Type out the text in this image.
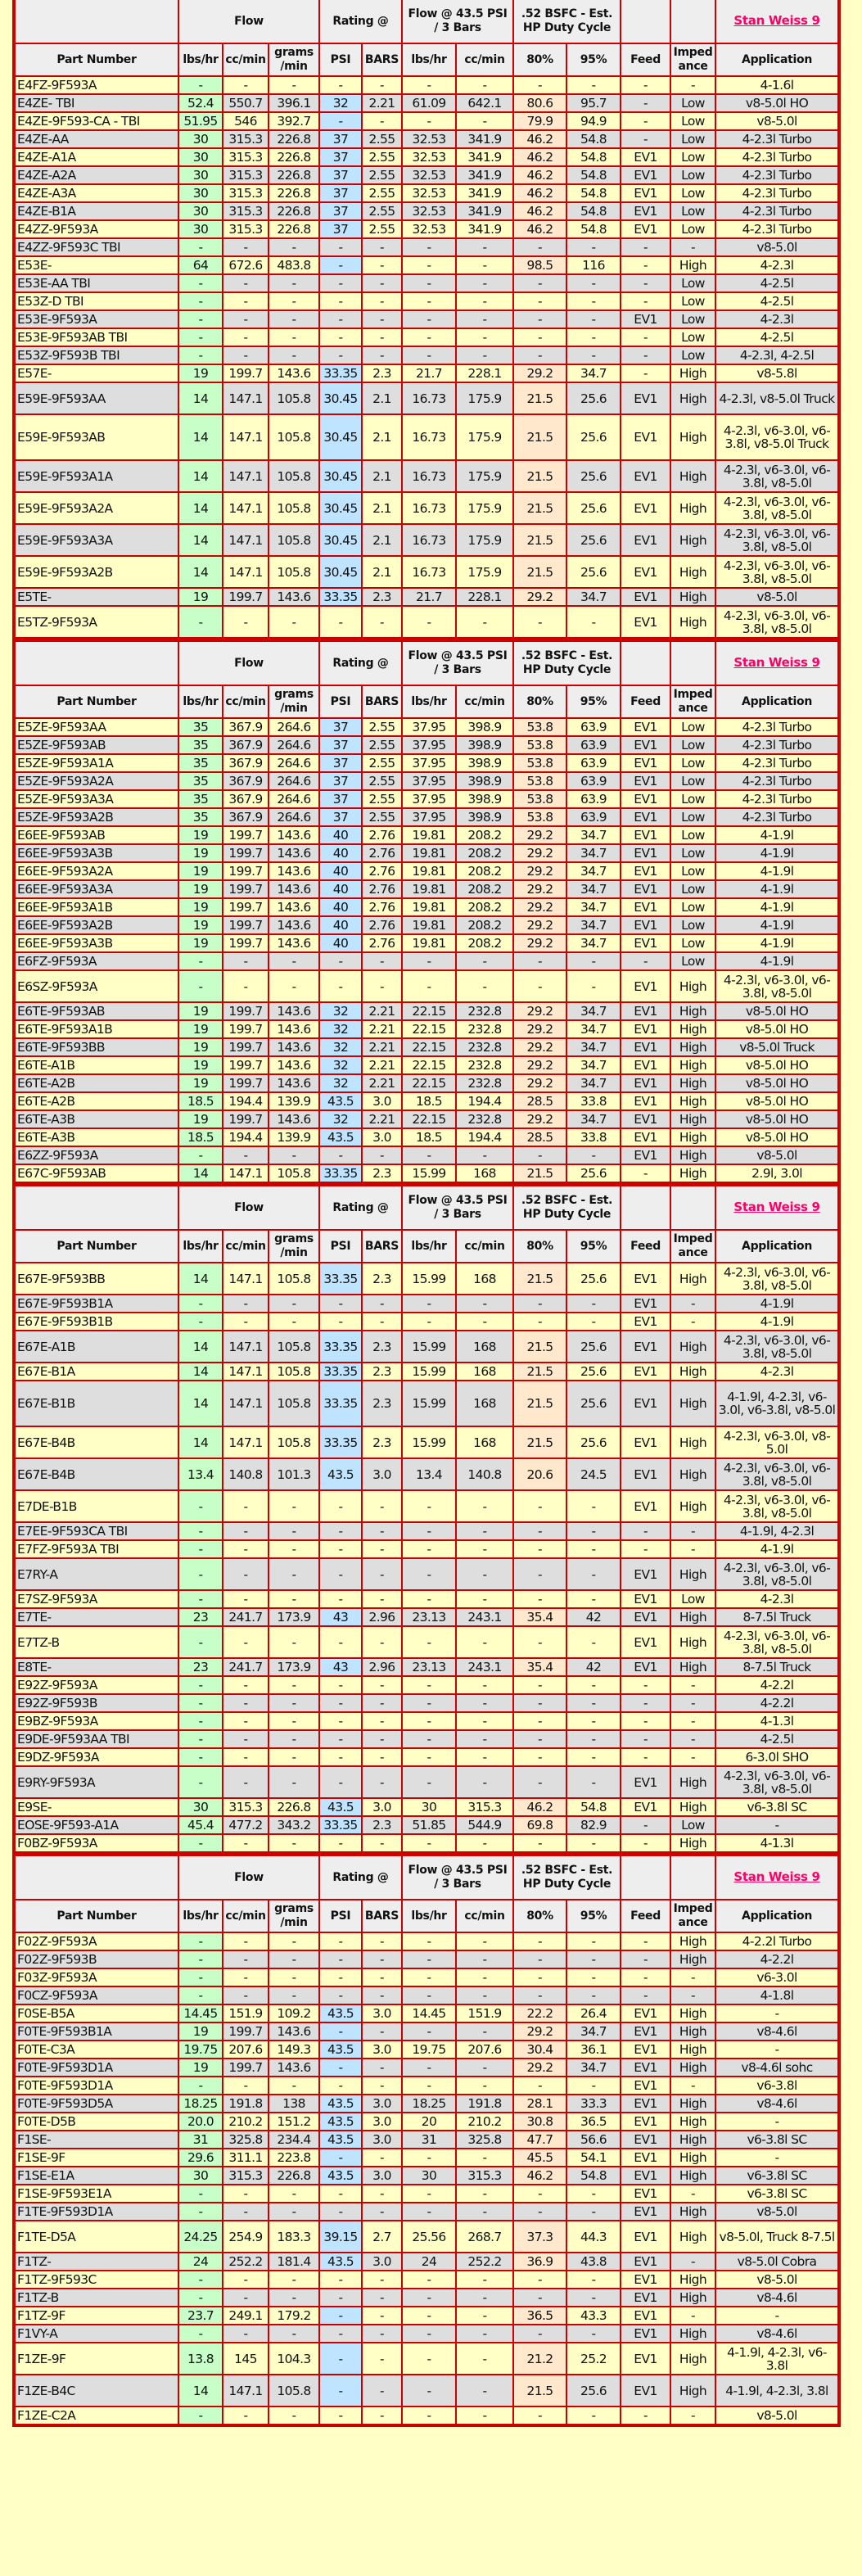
	Flow			Rating @		Flow @ 43.5 PSI / 3 Bars		.52 BSFC - Est. HP Duty Cycle				Stan Weiss 9
Part Number	lbs/hr	cc/min	grams /min	PSI	BARS	lbs/hr	cc/min	80%	95%	Feed	Imped ance	Application
E4FZ-9F593A	-	-	-	-	-	-	-	-	-	-	-	4-1.6l
E4ZE- TBI	52.4	550.7	396.1	32	2.21	61.09	642.1	80.6	95.7	-	Low	v8-5.0l HO
E4ZE-9F593-CA - TBI	51.95	546	392.7	-	-	-	-	79.9	94.9	-	Low	v8-5.0l
E4ZE-AA	30	315.3	226.8	37	2.55	32.53	341.9	46.2	54.8	-	Low	4-2.3l Turbo
E4ZE-A1A	30	315.3	226.8	37	2.55	32.53	341.9	46.2	54.8	EV1	Low	4-2.3l Turbo
E4ZE-A2A	30	315.3	226.8	37	2.55	32.53	341.9	46.2	54.8	EV1	Low	4-2.3l Turbo
E4ZE-A3A	30	315.3	226.8	37	2.55	32.53	341.9	46.2	54.8	EV1	Low	4-2.3l Turbo
E4ZE-B1A	30	315.3	226.8	37	2.55	32.53	341.9	46.2	54.8	EV1	Low	4-2.3l Turbo
E4ZZ-9F593A	30	315.3	226.8	37	2.55	32.53	341.9	46.2	54.8	EV1	Low	4-2.3l Turbo
E4ZZ-9F593C TBI	-	-	-	-	-	-	-	-	-	-	-	v8-5.0l
E53E-	64	672.6	483.8	-	-	-	-	98.5	116	-	High	4-2.3l
E53E-AA TBI	-	-	-	-	-	-	-	-	-	-	Low	4-2.5l
E53Z-D TBI	-	-	-	-	-	-	-	-	-	-	Low	4-2.5l
E53E-9F593A	-	-	-	-	-	-	-	-	-	EV1	Low	4-2.3l
E53E-9F593AB TBI	-	-	-	-	-	-	-	-	-	-	Low	4-2.5l
E53Z-9F593B TBI	-	-	-	-	-	-	-	-	-	-	Low	4-2.3l, 4-2.5l
E57E-	19	199.7	143.6	33.35	2.3	21.7	228.1	29.2	34.7	-	High	v8-5.8l
E59E-9F593AA	14	147.1	105.8	30.45	2.1	16.73	175.9	21.5	25.6	EV1	High	4-2.3l, v8-5.0l Truck
E59E-9F593AB	14	147.1	105.8	30.45	2.1	16.73	175.9	21.5	25.6	EV1	High	4-2.3l, v6-3.0l, v6-3.8l, v8-5.0l Truck
E59E-9F593A1A	14	147.1	105.8	30.45	2.1	16.73	175.9	21.5	25.6	EV1	High	4-2.3l, v6-3.0l, v6-3.8l, v8-5.0l
E59E-9F593A2A	14	147.1	105.8	30.45	2.1	16.73	175.9	21.5	25.6	EV1	High	4-2.3l, v6-3.0l, v6-3.8l, v8-5.0l
E59E-9F593A3A	14	147.1	105.8	30.45	2.1	16.73	175.9	21.5	25.6	EV1	High	4-2.3l, v6-3.0l, v6-3.8l, v8-5.0l
E59E-9F593A2B	14	147.1	105.8	30.45	2.1	16.73	175.9	21.5	25.6	EV1	High	4-2.3l, v6-3.0l, v6-3.8l, v8-5.0l
E5TE-	19	199.7	143.6	33.35	2.3	21.7	228.1	29.2	34.7	EV1	High	v8-5.0l
E5TZ-9F593A	-	-	-	-	-	-	-	-	-	EV1	High	4-2.3l, v6-3.0l, v6-3.8l, v8-5.0l
	Flow			Rating @		Flow @ 43.5 PSI / 3 Bars		.52 BSFC - Est. HP Duty Cycle				Stan Weiss 9
Part Number	lbs/hr	cc/min	grams /min	PSI	BARS	lbs/hr	cc/min	80%	95%	Feed	Imped ance	Application
E5ZE-9F593AA	35	367.9	264.6	37	2.55	37.95	398.9	53.8	63.9	EV1	Low	4-2.3l Turbo
E5ZE-9F593AB	35	367.9	264.6	37	2.55	37.95	398.9	53.8	63.9	EV1	Low	4-2.3l Turbo
E5ZE-9F593A1A	35	367.9	264.6	37	2.55	37.95	398.9	53.8	63.9	EV1	Low	4-2.3l Turbo
E5ZE-9F593A2A	35	367.9	264.6	37	2.55	37.95	398.9	53.8	63.9	EV1	Low	4-2.3l Turbo
E5ZE-9F593A3A	35	367.9	264.6	37	2.55	37.95	398.9	53.8	63.9	EV1	Low	4-2.3l Turbo
E5ZE-9F593A2B	35	367.9	264.6	37	2.55	37.95	398.9	53.8	63.9	EV1	Low	4-2.3l Turbo
E6EE-9F593AB	19	199.7	143.6	40	2.76	19.81	208.2	29.2	34.7	EV1	Low	4-1.9l
E6EE-9F593A3B	19	199.7	143.6	40	2.76	19.81	208.2	29.2	34.7	EV1	Low	4-1.9l
E6EE-9F593A2A	19	199.7	143.6	40	2.76	19.81	208.2	29.2	34.7	EV1	Low	4-1.9l
E6EE-9F593A3A	19	199.7	143.6	40	2.76	19.81	208.2	29.2	34.7	EV1	Low	4-1.9l
E6EE-9F593A1B	19	199.7	143.6	40	2.76	19.81	208.2	29.2	34.7	EV1	Low	4-1.9l
E6EE-9F593A2B	19	199.7	143.6	40	2.76	19.81	208.2	29.2	34.7	EV1	Low	4-1.9l
E6EE-9F593A3B	19	199.7	143.6	40	2.76	19.81	208.2	29.2	34.7	EV1	Low	4-1.9l
E6FZ-9F593A	-	-	-	-	-	-	-	-	-	-	Low	4-1.9l
E6SZ-9F593A	-	-	-	-	-	-	-	-	-	EV1	High	4-2.3l, v6-3.0l, v6-3.8l, v8-5.0l
E6TE-9F593AB	19	199.7	143.6	32	2.21	22.15	232.8	29.2	34.7	EV1	High	v8-5.0l HO
E6TE-9F593A1B	19	199.7	143.6	32	2.21	22.15	232.8	29.2	34.7	EV1	High	v8-5.0l HO
E6TE-9F593BB	19	199.7	143.6	32	2.21	22.15	232.8	29.2	34.7	EV1	High	v8-5.0l Truck
E6TE-A1B	19	199.7	143.6	32	2.21	22.15	232.8	29.2	34.7	EV1	High	v8-5.0l HO
E6TE-A2B	19	199.7	143.6	32	2.21	22.15	232.8	29.2	34.7	EV1	High	v8-5.0l HO
E6TE-A2B	18.5	194.4	139.9	43.5	3.0	18.5	194.4	28.5	33.8	EV1	High	v8-5.0l HO
E6TE-A3B	19	199.7	143.6	32	2.21	22.15	232.8	29.2	34.7	EV1	High	v8-5.0l HO
E6TE-A3B	18.5	194.4	139.9	43.5	3.0	18.5	194.4	28.5	33.8	EV1	High	v8-5.0l HO
E6ZZ-9F593A	-	-	-	-	-	-	-	-	-	EV1	High	v8-5.0l
E67C-9F593AB	14	147.1	105.8	33.35	2.3	15.99	168	21.5	25.6	-	High	2.9l, 3.0l
	Flow			Rating @		Flow @ 43.5 PSI / 3 Bars		.52 BSFC - Est. HP Duty Cycle				Stan Weiss 9
Part Number	lbs/hr	cc/min	grams /min	PSI	BARS	lbs/hr	cc/min	80%	95%	Feed	Imped ance	Application
E67E-9F593BB	14	147.1	105.8	33.35	2.3	15.99	168	21.5	25.6	EV1	High	4-2.3l, v6-3.0l, v6-3.8l, v8-5.0l
E67E-9F593B1A	-	-	-	-	-	-	-	-	-	EV1	-	4-1.9l
E67E-9F593B1B	-	-	-	-	-	-	-	-	-	EV1	-	4-1.9l
E67E-A1B	14	147.1	105.8	33.35	2.3	15.99	168	21.5	25.6	EV1	High	4-2.3l, v6-3.0l, v6-3.8l, v8-5.0l
E67E-B1A	14	147.1	105.8	33.35	2.3	15.99	168	21.5	25.6	EV1	High	4-2.3l
E67E-B1B	14	147.1	105.8	33.35	2.3	15.99	168	21.5	25.6	EV1	High	4-1.9l, 4-2.3l, v6-3.0l, v6-3.8l, v8-5.0l
E67E-B4B	14	147.1	105.8	33.35	2.3	15.99	168	21.5	25.6	EV1	High	4-2.3l, v6-3.0l, v8-5.0l
E67E-B4B	13.4	140.8	101.3	43.5	3.0	13.4	140.8	20.6	24.5	EV1	High	4-2.3l, v6-3.0l, v6-3.8l, v8-5.0l
E7DE-B1B	-	-	-	-	-	-	-	-	-	EV1	High	4-2.3l, v6-3.0l, v6-3.8l, v8-5.0l
E7EE-9F593CA TBI	-	-	-	-	-	-	-	-	-	-	-	4-1.9l, 4-2.3l
E7FZ-9F593A TBI	-	-	-	-	-	-	-	-	-	-	-	4-1.9l
E7RY-A	-	-	-	-	-	-	-	-	-	EV1	High	4-2.3l, v6-3.0l, v6-3.8l, v8-5.0l
E7SZ-9F593A	-	-	-	-	-	-	-	-	-	EV1	Low	4-2.3l
E7TE-	23	241.7	173.9	43	2.96	23.13	243.1	35.4	42	EV1	High	8-7.5l Truck
E7TZ-B	-	-	-	-	-	-	-	-	-	EV1	High	4-2.3l, v6-3.0l, v6-3.8l, v8-5.0l
E8TE-	23	241.7	173.9	43	2.96	23.13	243.1	35.4	42	EV1	High	8-7.5l Truck
E92Z-9F593A	-	-	-	-	-	-	-	-	-	-	-	4-2.2l
E92Z-9F593B	-	-	-	-	-	-	-	-	-	-	-	4-2.2l
E9BZ-9F593A	-	-	-	-	-	-	-	-	-	-	-	4-1.3l
E9DE-9F593AA TBI	-	-	-	-	-	-	-	-	-	-	-	4-2.5l
E9DZ-9F593A	-	-	-	-	-	-	-	-	-	-	-	6-3.0l SHO
E9RY-9F593A	-	-	-	-	-	-	-	-	-	EV1	High	4-2.3l, v6-3.0l, v6-3.8l, v8-5.0l
E9SE-	30	315.3	226.8	43.5	3.0	30	315.3	46.2	54.8	EV1	High	v6-3.8l SC
EOSE-9F593-A1A	45.4	477.2	343.2	33.35	2.3	51.85	544.9	69.8	82.9	-	Low	-
F0BZ-9F593A	-	-	-	-	-	-	-	-	-	-	High	4-1.3l
	Flow			Rating @		Flow @ 43.5 PSI / 3 Bars		.52 BSFC - Est. HP Duty Cycle				Stan Weiss 9
Part Number	lbs/hr	cc/min	grams /min	PSI	BARS	lbs/hr	cc/min	80%	95%	Feed	Imped ance	Application
F02Z-9F593A	-	-	-	-	-	-	-	-	-	-	High	4-2.2l Turbo
F02Z-9F593B	-	-	-	-	-	-	-	-	-	-	High	4-2.2l
F03Z-9F593A	-	-	-	-	-	-	-	-	-	-	-	v6-3.0l
F0CZ-9F593A	-	-	-	-	-	-	-	-	-	-	-	4-1.8l
F0SE-B5A	14.45	151.9	109.2	43.5	3.0	14.45	151.9	22.2	26.4	EV1	High	-
F0TE-9F593B1A	19	199.7	143.6	-	-	-	-	29.2	34.7	EV1	High	v8-4.6l
F0TE-C3A	19.75	207.6	149.3	43.5	3.0	19.75	207.6	30.4	36.1	EV1	High	-
F0TE-9F593D1A	19	199.7	143.6	-	-	-	-	29.2	34.7	EV1	High	v8-4.6l sohc
F0TE-9F593D1A	-	-	-	-	-	-	-	-	-	EV1	-	v6-3.8l
F0TE-9F593D5A	18.25	191.8	138	43.5	3.0	18.25	191.8	28.1	33.3	EV1	High	v8-4.6l
F0TE-D5B	20.0	210.2	151.2	43.5	3.0	20	210.2	30.8	36.5	EV1	High	-
F1SE-	31	325.8	234.4	43.5	3.0	31	325.8	47.7	56.6	EV1	High	v6-3.8l SC
F1SE-9F	29.6	311.1	223.8	-	-	-	-	45.5	54.1	EV1	High	-
F1SE-E1A	30	315.3	226.8	43.5	3.0	30	315.3	46.2	54.8	EV1	High	v6-3.8l SC
F1SE-9F593E1A	-	-	-	-	-	-	-	-	-	EV1	-	v6-3.8l SC
F1TE-9F593D1A	-	-	-	-	-	-	-	-	-	EV1	High	v8-5.0l
F1TE-D5A	24.25	254.9	183.3	39.15	2.7	25.56	268.7	37.3	44.3	EV1	High	v8-5.0l, Truck 8-7.5l
F1TZ-	24	252.2	181.4	43.5	3.0	24	252.2	36.9	43.8	EV1	-	v8-5.0l Cobra
F1TZ-9F593C	-	-	-	-	-	-	-	-	-	EV1	High	v8-5.0l
F1TZ-B	-	-	-	-	-	-	-	-	-	EV1	High	v8-4.6l
F1TZ-9F	23.7	249.1	179.2	-	-	-	-	36.5	43.3	EV1	-	-
F1VY-A	-	-	-	-	-	-	-	-	-	EV1	High	v8-4.6l
F1ZE-9F	13.8	145	104.3	-	-	-	-	21.2	25.2	EV1	High	4-1.9l, 4-2.3l, v6-3.8l
F1ZE-B4C	14	147.1	105.8	-	-	-	-	21.5	25.6	EV1	High	4-1.9l, 4-2.3l, 3.8l
F1ZE-C2A	-	-	-	-	-	-	-	-	-	-	-	v8-5.0l
